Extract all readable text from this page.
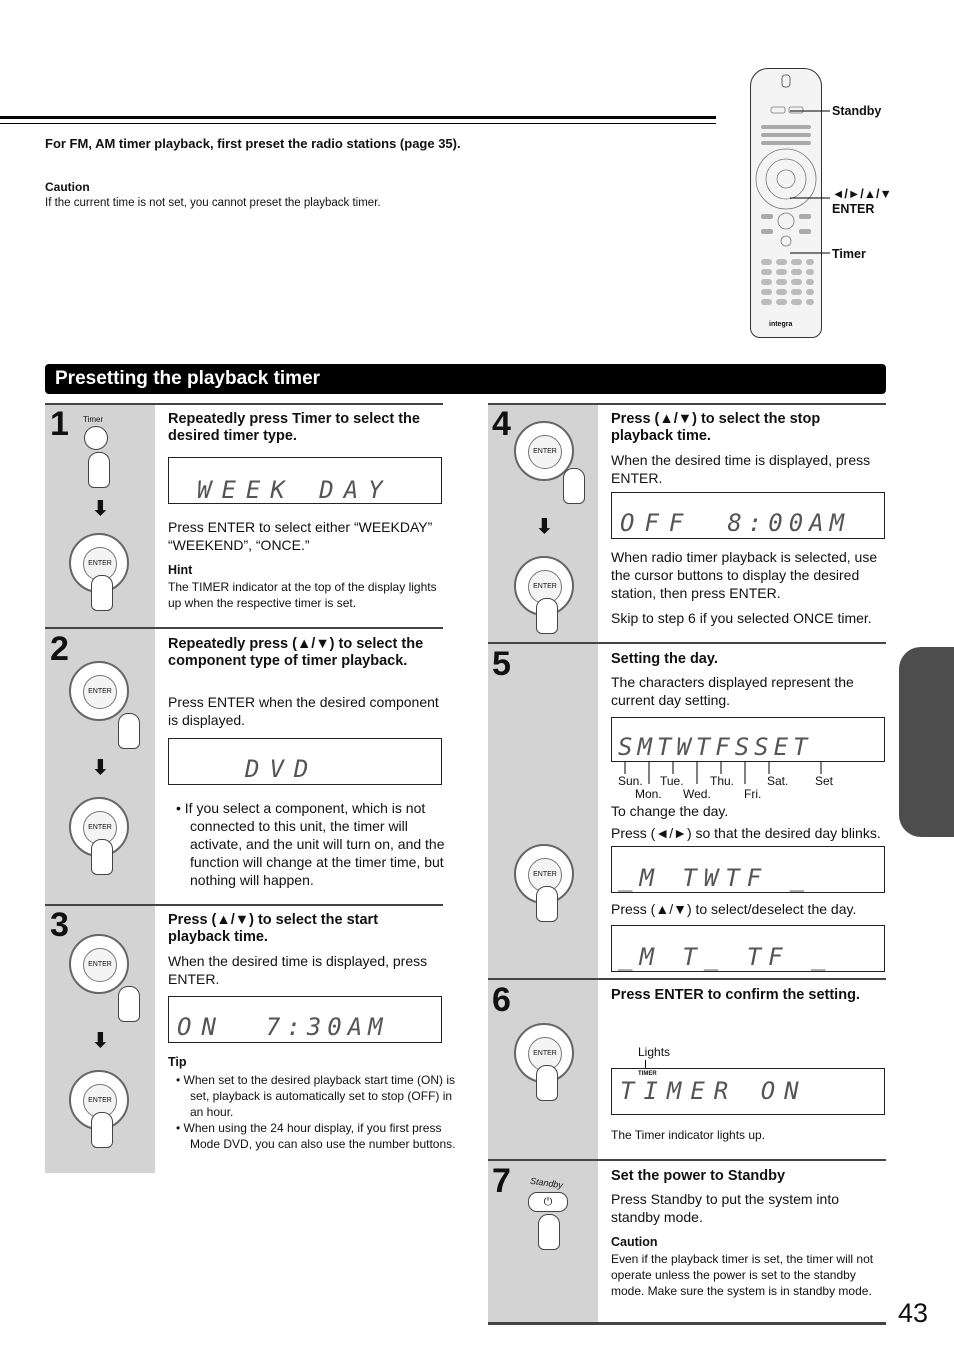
For FM, AM timer playback, first preset the radio stations (page 35).
Caution
If the current time is not set, you cannot preset the playback timer.
integra
Standby
◄/►/▲/▼
ENTER
Timer
Presetting the playback timer
43
1 Timer
⬇
ENTER
Repeatedly press Timer to select the desired timer type.
WEEK DAY
Press ENTER to select either “WEEKDAY” “WEEKEND”, “ONCE.”
Hint
The TIMER indicator at the top of the display lights up when the respective timer is set.
2
ENTER
⬇
ENTER
Repeatedly press (▲/▼) to select the component type of timer playback.
Press ENTER when the desired component is displayed.
DVD
• If you select a component, which is not connected to this unit, the timer will activate, and the unit will turn on, and the function will change at the timer time, but nothing will happen.
3
ENTER
⬇
ENTER
Press (▲/▼) to select the start playback time.
When the desired time is displayed, press ENTER.
ON 7:30AM
Tip
• When set to the desired playback start time (ON) is set, playback is automatically set to stop (OFF) in an hour.
• When using the 24 hour display, if you first press Mode DVD, you can also use the number buttons.
4
ENTER
⬇
ENTER
Press (▲/▼) to select the stop playback time.
When the desired time is displayed, press ENTER.
OFF 8:00AM
When radio timer playback is selected, use the cursor buttons to display the desired station, then press ENTER.
Skip to step 6 if you selected ONCE timer.
5
ENTER
Setting the day.
The characters displayed represent the current day setting.
SMTWTFSSET
Sun. Tue. Thu.	Sat. Set
Mon. Wed.	Fri.
To change the day.
Press (◄/►) so that the desired day blinks.
_M TWTF _
Press (▲/▼) to select/deselect the day.
_M T_ TF _
6
ENTER
Press ENTER to confirm the setting.
Lights
TIMER
TIMER ON
The Timer indicator lights up.
7 Standby
⏻
Set the power to Standby
Press Standby to put the system into standby mode.
Caution
Even if the playback timer is set, the timer will not operate unless the power is set to the standby mode. Make sure the system is in standby mode.
